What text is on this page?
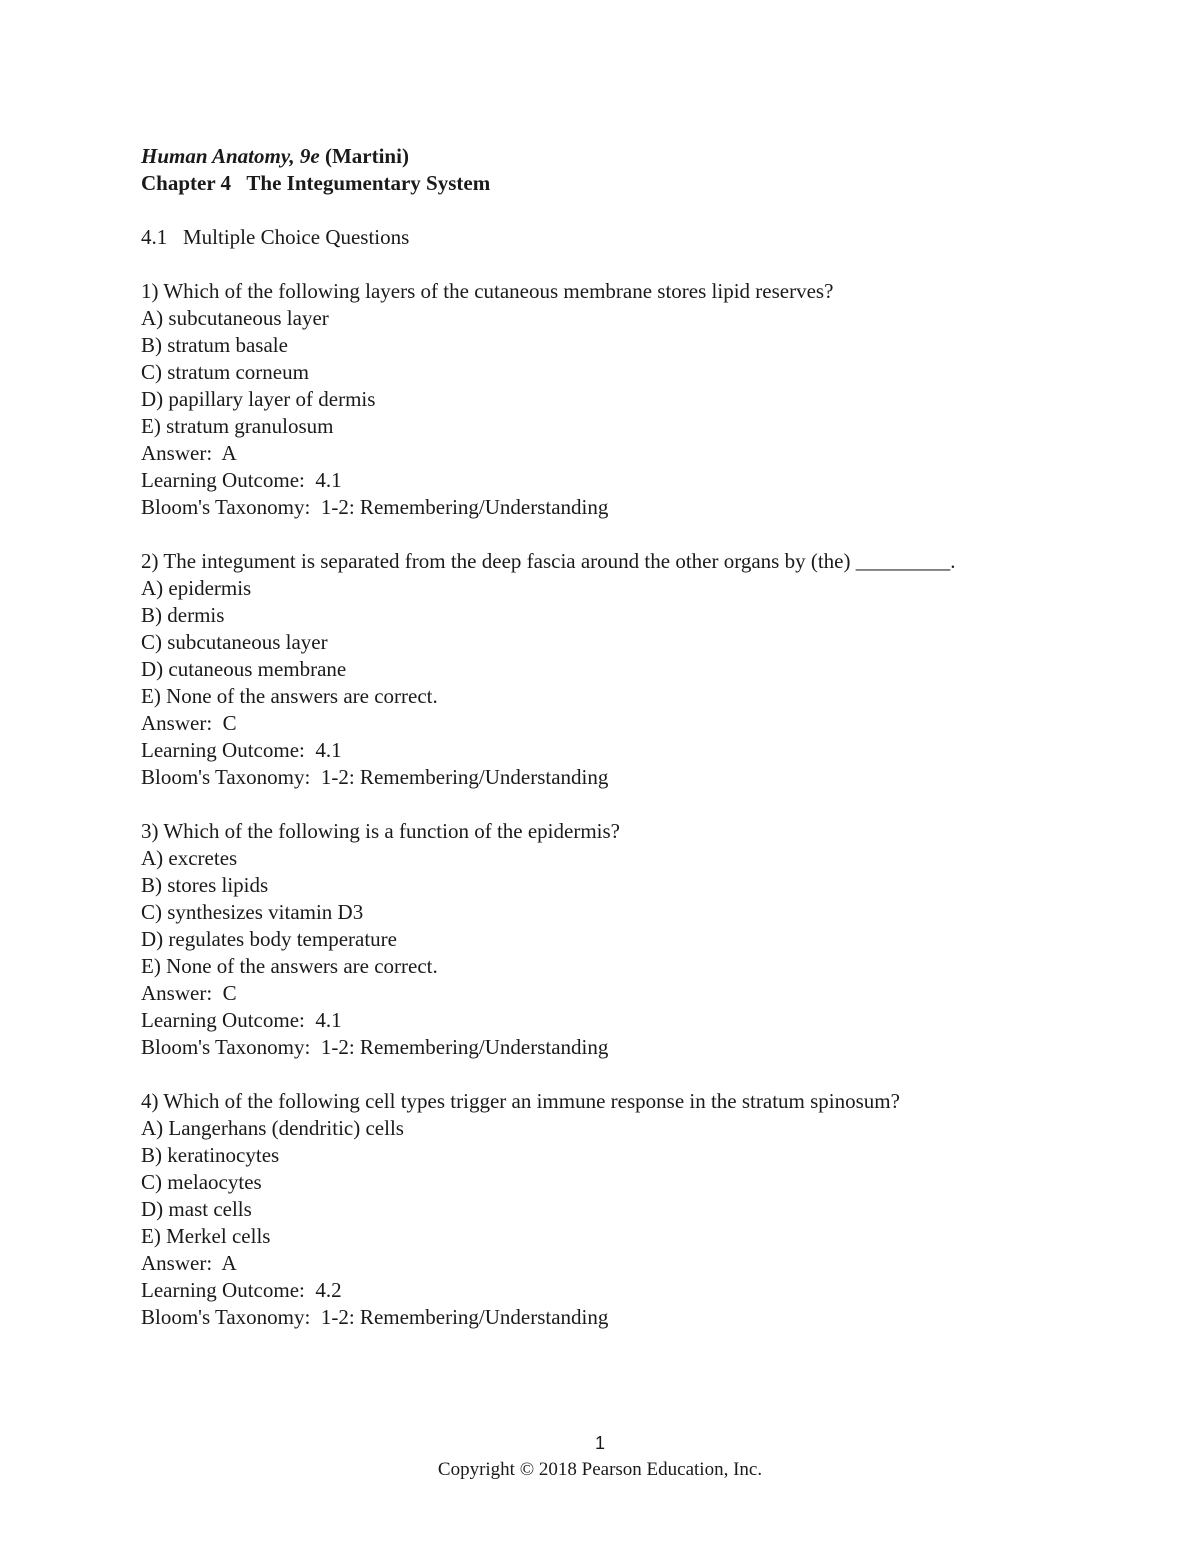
Human Anatomy, 9e (Martini)
Chapter 4   The Integumentary System
4.1   Multiple Choice Questions
1) Which of the following layers of the cutaneous membrane stores lipid reserves?
A) subcutaneous layer
B) stratum basale
C) stratum corneum
D) papillary layer of dermis
E) stratum granulosum
Answer:  A
Learning Outcome:  4.1
Bloom's Taxonomy:  1-2: Remembering/Understanding
2) The integument is separated from the deep fascia around the other organs by (the) _________.
A) epidermis
B) dermis
C) subcutaneous layer
D) cutaneous membrane
E) None of the answers are correct.
Answer:  C
Learning Outcome:  4.1
Bloom's Taxonomy:  1-2: Remembering/Understanding
3) Which of the following is a function of the epidermis?
A) excretes
B) stores lipids
C) synthesizes vitamin D3
D) regulates body temperature
E) None of the answers are correct.
Answer:  C
Learning Outcome:  4.1
Bloom's Taxonomy:  1-2: Remembering/Understanding
4) Which of the following cell types trigger an immune response in the stratum spinosum?
A) Langerhans (dendritic) cells
B) keratinocytes
C) melaocytes
D) mast cells
E) Merkel cells
Answer:  A
Learning Outcome:  4.2
Bloom's Taxonomy:  1-2: Remembering/Understanding
1
Copyright © 2018 Pearson Education, Inc.
